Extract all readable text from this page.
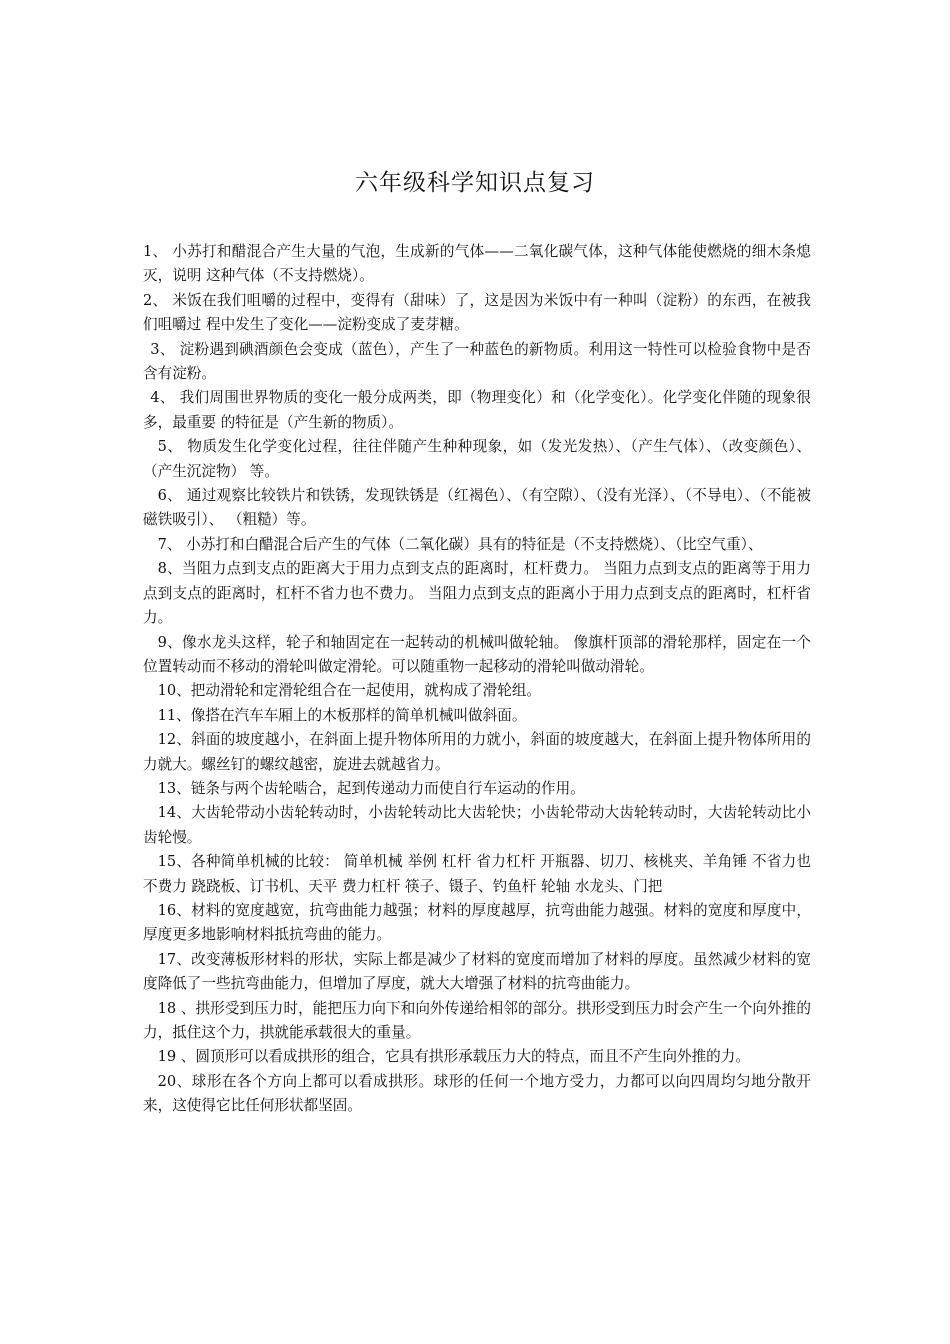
六年级科学知识点复习

1、 小苏打和醋混合产生大量的气泡，生成新的气体——二氧化碳气体，这种气体能使燃烧的细木条熄灭，说明 这种气体（不支持燃烧）。

2、 米饭在我们咀嚼的过程中，变得有（甜味）了，这是因为米饭中有一种叫（淀粉）的东西，在被我们咀嚼过 程中发生了变化——淀粉变成了麦芽糖。

3、 淀粉遇到碘酒颜色会变成（蓝色），产生了一种蓝色的新物质。利用这一特性可以检验食物中是否含有淀粉。

4、 我们周围世界物质的变化一般分成两类，即（物理变化）和（化学变化）。化学变化伴随的现象很多，最重要 的特征是（产生新的物质）。

5、 物质发生化学变化过程，往往伴随产生种种现象，如（发光发热）、（产生气体）、（改变颜色）、（产生沉淀物） 等。

6、 通过观察比较铁片和铁锈，发现铁锈是（红褐色）、（有空隙）、（没有光泽）、（不导电）、（不能被磁铁吸引）、 （粗糙）等。

7、 小苏打和白醋混合后产生的气体（二氧化碳）具有的特征是（不支持燃烧）、（比空气重）、

8、当阻力点到支点的距离大于用力点到支点的距离时，杠杆费力。 当阻力点到支点的距离等于用力点到支点的距离时，杠杆不省力也不费力。 当阻力点到支点的距离小于用力点到支点的距离时，杠杆省力。

9、像水龙头这样，轮子和轴固定在一起转动的机械叫做轮轴。 像旗杆顶部的滑轮那样，固定在一个位置转动而不移动的滑轮叫做定滑轮。可以随重物一起移动的滑轮叫做动滑轮。

10、把动滑轮和定滑轮组合在一起使用，就构成了滑轮组。

11、像搭在汽车车厢上的木板那样的简单机械叫做斜面。

12、斜面的坡度越小，在斜面上提升物体所用的力就小，斜面的坡度越大，在斜面上提升物体所用的力就大。螺丝钉的螺纹越密，旋进去就越省力。

13、链条与两个齿轮啮合，起到传递动力而使自行车运动的作用。

14、大齿轮带动小齿轮转动时，小齿轮转动比大齿轮快；小齿轮带动大齿轮转动时，大齿轮转动比小齿轮慢。

15、各种简单机械的比较： 简单机械 举例 杠杆 省力杠杆 开瓶器、切刀、核桃夹、羊角锤 不省力也不费力 跷跷板、订书机、天平 费力杠杆 筷子、镊子、钓鱼杆 轮轴 水龙头、门把

16、材料的宽度越宽，抗弯曲能力越强；材料的厚度越厚，抗弯曲能力越强。材料的宽度和厚度中，厚度更多地影响材料抵抗弯曲的能力。

17、改变薄板形材料的形状，实际上都是减少了材料的宽度而增加了材料的厚度。虽然减少材料的宽度降低了一些抗弯曲能力，但增加了厚度，就大大增强了材料的抗弯曲能力。

18 、拱形受到压力时，能把压力向下和向外传递给相邻的部分。拱形受到压力时会产生一个向外推的力，抵住这个力，拱就能承载很大的重量。

19 、圆顶形可以看成拱形的组合，它具有拱形承载压力大的特点，而且不产生向外推的力。

20、球形在各个方向上都可以看成拱形。球形的任何一个地方受力，力都可以向四周均匀地分散开来，这使得它比任何形状都坚固。
